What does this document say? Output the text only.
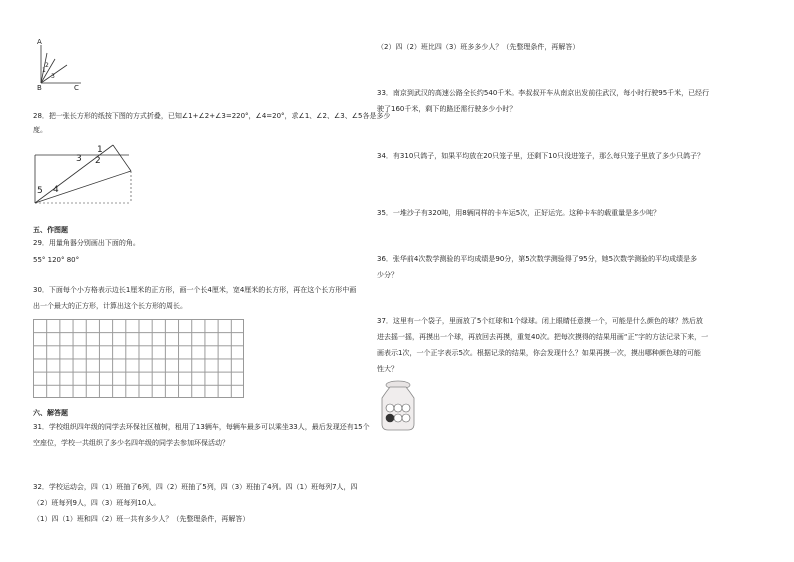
A
B	C
1
2
3
28．把一张长方形的纸按下图的方式折叠，已知∠1+∠2+∠3=220°，∠4=20°，求∠1、∠2、∠3、∠5各是多少
度。
1
2
3
4
5
五、作图题
29．用量角器分别画出下面的角。
55° 120° 80°
30．下面每个小方格表示边长1厘米的正方形，画一个长4厘米，宽4厘米的长方形，再在这个长方形中画
出一个最大的正方形，计算出这个长方形的周长。
六、解答题
31．学校组织四年级的同学去环保社区植树，租用了13辆车，每辆车最多可以乘坐33人，最后发现还有15个
空座位，学校一共组织了多少名四年级的同学去参加环保活动？
32．学校运动会，四（1）班抽了6列，四（2）班抽了5列，四（3）班抽了4列。四（1）班每列7人，四
（2）班每列9人，四（3）班每列10人。
（1）四（1）班和四（2）班一共有多少人？（先整理条件，再解答）
（2）四（2）班比四（3）班多多少人？（先整理条件，再解答）
33．南京到武汉的高速公路全长约540千米。李叔叔开车从南京出发前往武汉，每小时行驶95千米，已经行
驶了160千米，剩下的路还需行驶多少小时？
34．有310只鸽子，如果平均放在20只笼子里，还剩下10只没进笼子，那么每只笼子里放了多少只鸽子？
35．一堆沙子有320吨，用8辆同样的卡车运5次，正好运完。这种卡车的载重量是多少吨？
36．张华前4次数学测验的平均成绩是90分，第5次数学测验得了95分，她5次数学测验的平均成绩是多
少分？
37．这里有一个袋子，里面放了5个红球和1个绿球。闭上眼睛任意摸一个，可能是什么颜色的球？然后放
进去摇一摇，再摸出一个球，再放回去再摸，重复40次。把每次摸得的结果用画“正”字的方法记录下来，一
画表示1次，一个正字表示5次。根据记录的结果，你会发现什么？如果再摸一次，摸出哪种颜色球的可能
性大？
